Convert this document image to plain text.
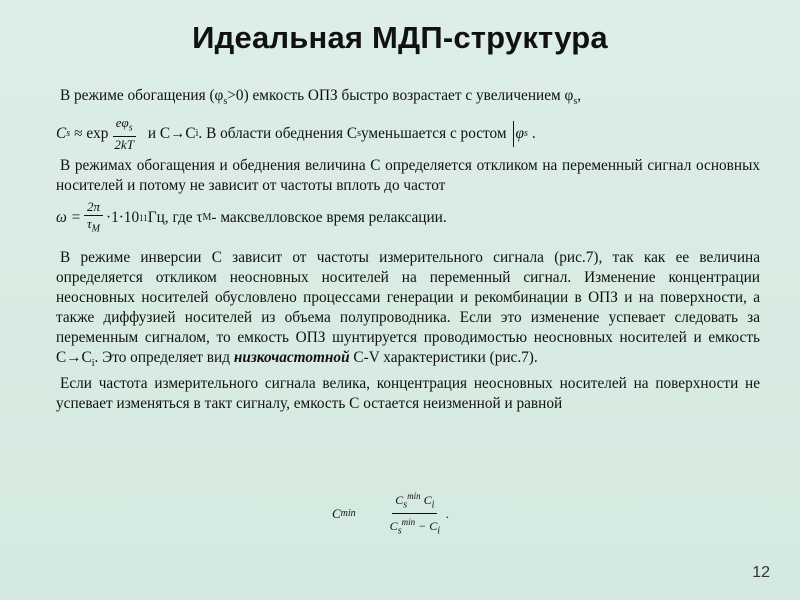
Идеальная МДП-структура

В режиме обогащения $(\varphi_s>0)$ емкость ОПЗ быстро возрастает с увеличением $\varphi_s$,

C $s \approx \exp \frac{e\varphi_s}{2kT}$ и C→C i . В области обеднения C s уменьшается с ростом φ s .

В режимах обогащения и обеднения величина C определяется откликом на переменный сигнал основных носителей и потому не зависит от частоты вплоть до частот

$\omega = \frac{2\pi}{\tau_M} \cdot 1\cdot 10$ 11 Гц, где τ M - максвелловское время релаксации.

В режиме инверсии C зависит от частоты измерительного сигнала (рис.7), так как ее величина определяется откликом неосновных носителей на переменный сигнал. Изменение концентрации неосновных носителей обусловлено процессами генерации и рекомбинации в ОПЗ и на поверхности, а также диффузией носителей из объема полупроводника. Если это изменение успевает следовать за переменным сигналом, то емкость ОПЗ шунтируется проводимостью неосновных носителей и емкость $C\to C_i$. Это определяет вид низкочастотной C-V характеристики (рис.7).

Если частота измерительного сигнала велика, концентрация неосновных носителей на поверхности не успевает изменяться в такт сигналу, емкость C остается неизменной и равной

C min	$\frac{C_s^{min} C_i}{C_s^{min} - C_i}$ .
12
